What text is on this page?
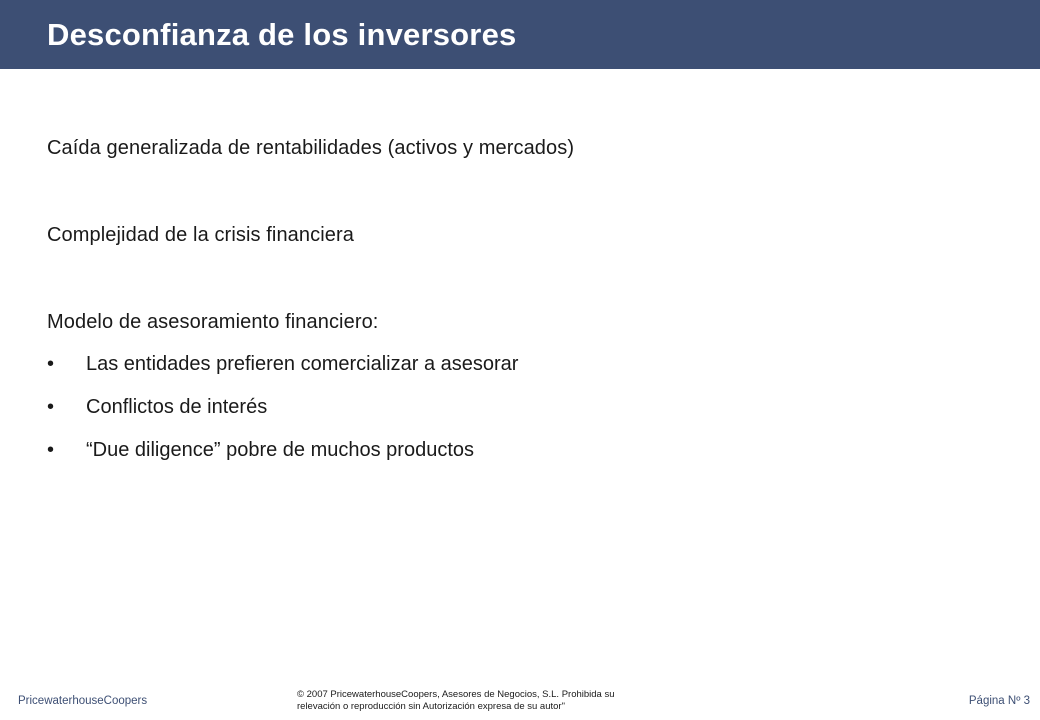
Desconfianza de los inversores
Caída generalizada de rentabilidades (activos y mercados)
Complejidad de la crisis financiera
Modelo de asesoramiento financiero:
• Las entidades prefieren comercializar a asesorar
• Conflictos de interés
• “Due diligence” pobre de muchos productos
PricewaterhouseCoopers
© 2007 PricewaterhouseCoopers, Asesores de Negocios, S.L. Prohibida su
relevación o reproducción sin Autorización expresa de su autor"	Página Nº 3
